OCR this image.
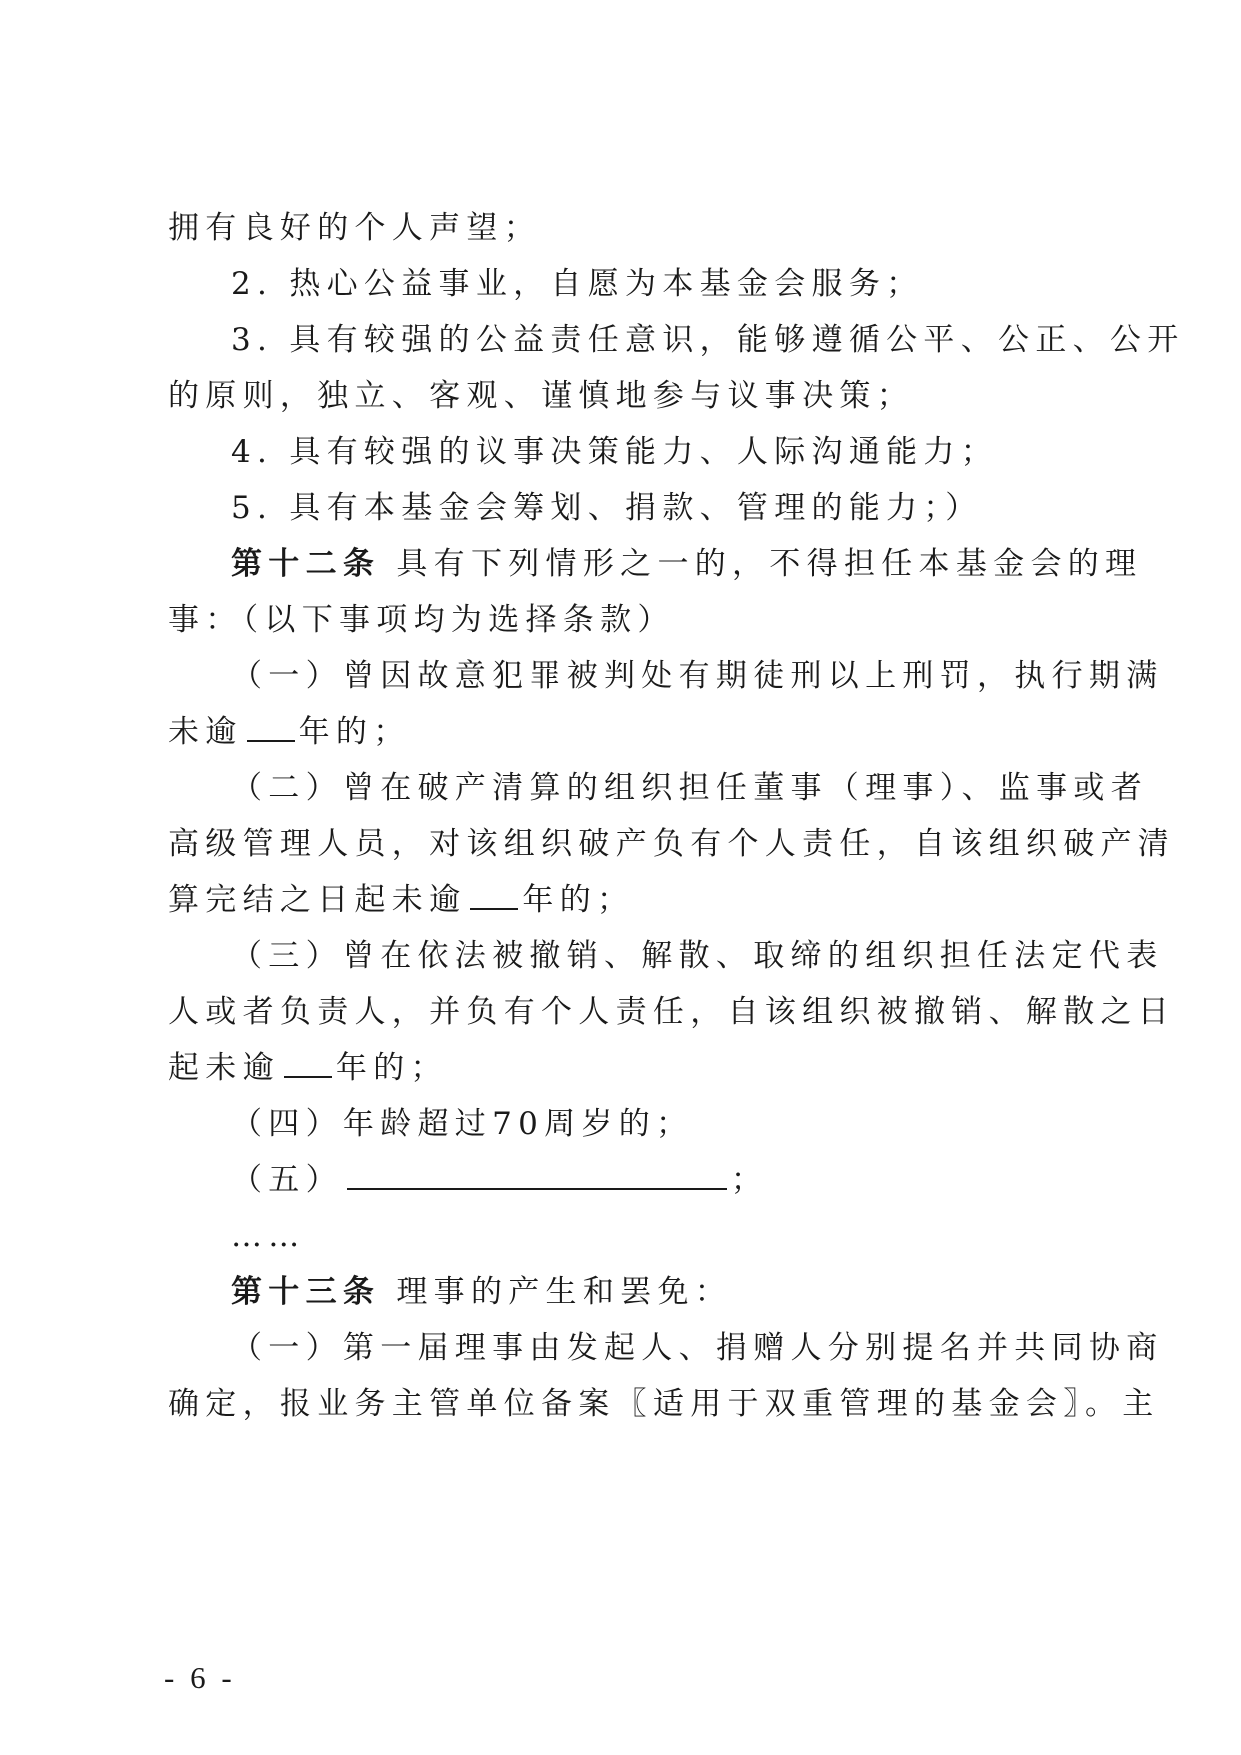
拥有良好的个人声望；
2. 热心公益事业，自愿为本基金会服务；
3. 具有较强的公益责任意识，能够遵循公平、公正、公开
的原则，独立、客观、谨慎地参与议事决策；
4. 具有较强的议事决策能力、人际沟通能力；
5. 具有本基金会筹划、捐款、管理的能力；）
第十二条 具有下列情形之一的，不得担任本基金会的理
事：（以下事项均为选择条款）
（一）曾因故意犯罪被判处有期徒刑以上刑罚，执行期满
未逾 年的；
（二）曾在破产清算的组织担任董事（理事）、监事或者
高级管理人员，对该组织破产负有个人责任，自该组织破产清
算完结之日起未逾 年的；
（三）曾在依法被撤销、解散、取缔的组织担任法定代表
人或者负责人，并负有个人责任，自该组织被撤销、解散之日
起未逾 年的；
（四）年龄超过70周岁的；
（五）	；
……
第十三条 理事的产生和罢免：
（一）第一届理事由发起人、捐赠人分别提名并共同协商
确定，报业务主管单位备案〖适用于双重管理的基金会〗。主
- 6 -
